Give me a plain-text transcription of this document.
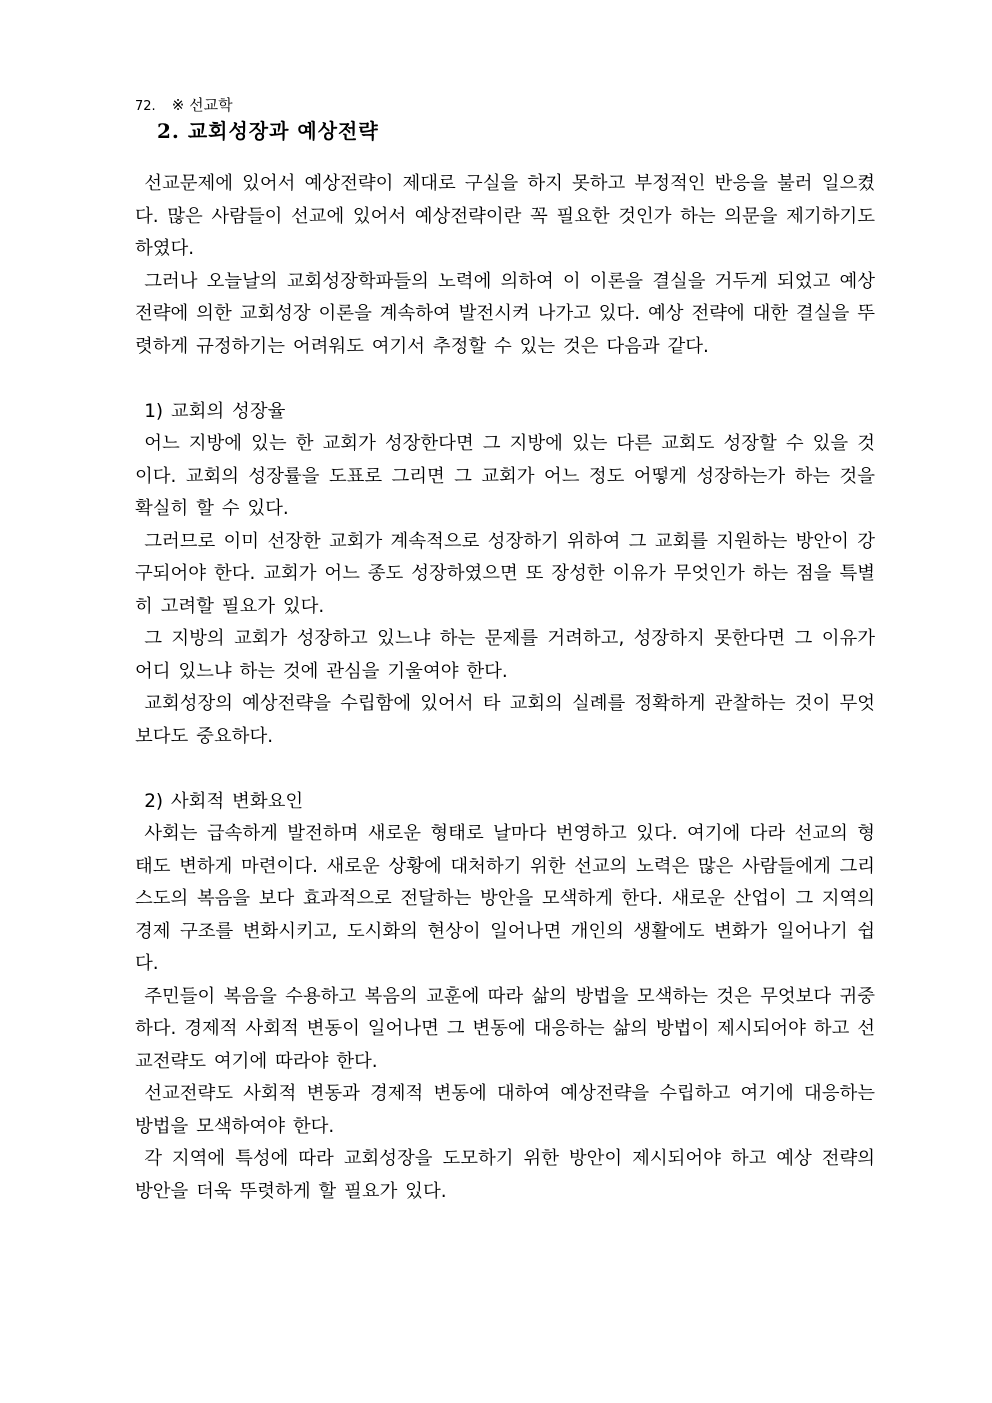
72. ※ 선교학
2. 교회성장과 예상전략

선교문제에 있어서 예상전략이 제대로 구실을 하지 못하고 부정적인 반응을 불러 일으켰다. 많은 사람들이 선교에 있어서 예상전략이란 꼭 필요한 것인가 하는 의문을 제기하기도 하였다.

그러나 오늘날의 교회성장학파들의 노력에 의하여 이 이론을 결실을 거두게 되었고 예상 전략에 의한 교회성장 이론을 계속하여 발전시켜 나가고 있다. 예상 전략에 대한 결실을 뚜렷하게 규정하기는 어려워도 여기서 추정할 수 있는 것은 다음과 같다.

1) 교회의 성장율

어느 지방에 있는 한 교회가 성장한다면 그 지방에 있는 다른 교회도 성장할 수 있을 것이다. 교회의 성장률을 도표로 그리면 그 교회가 어느 정도 어떻게 성장하는가 하는 것을 확실히 할 수 있다.

그러므로 이미 선장한 교회가 계속적으로 성장하기 위하여 그 교회를 지원하는 방안이 강구되어야 한다. 교회가 어느 종도 성장하였으면 또 장성한 이유가 무엇인가 하는 점을 특별히 고려할 필요가 있다.

그 지방의 교회가 성장하고 있느냐 하는 문제를 거려하고, 성장하지 못한다면 그 이유가 어디 있느냐 하는 것에 관심을 기울여야 한다.

교회성장의 예상전략을 수립함에 있어서 타 교회의 실례를 정확하게 관찰하는 것이 무엇보다도 중요하다.

2) 사회적 변화요인

사회는 급속하게 발전하며 새로운 형태로 날마다 번영하고 있다. 여기에 다라 선교의 형태도 변하게 마련이다. 새로운 상황에 대처하기 위한 선교의 노력은 많은 사람들에게 그리스도의 복음을 보다 효과적으로 전달하는 방안을 모색하게 한다. 새로운 산업이 그 지역의 경제 구조를 변화시키고, 도시화의 현상이 일어나면 개인의 생활에도 변화가 일어나기 쉽다.

주민들이 복음을 수용하고 복음의 교훈에 따라 삶의 방법을 모색하는 것은 무엇보다 귀중하다. 경제적 사회적 변동이 일어나면 그 변동에 대응하는 삶의 방법이 제시되어야 하고 선교전략도 여기에 따라야 한다.

선교전략도 사회적 변동과 경제적 변동에 대하여 예상전략을 수립하고 여기에 대응하는 방법을 모색하여야 한다.

각 지역에 특성에 따라 교회성장을 도모하기 위한 방안이 제시되어야 하고 예상 전략의 방안을 더욱 뚜렷하게 할 필요가 있다.
